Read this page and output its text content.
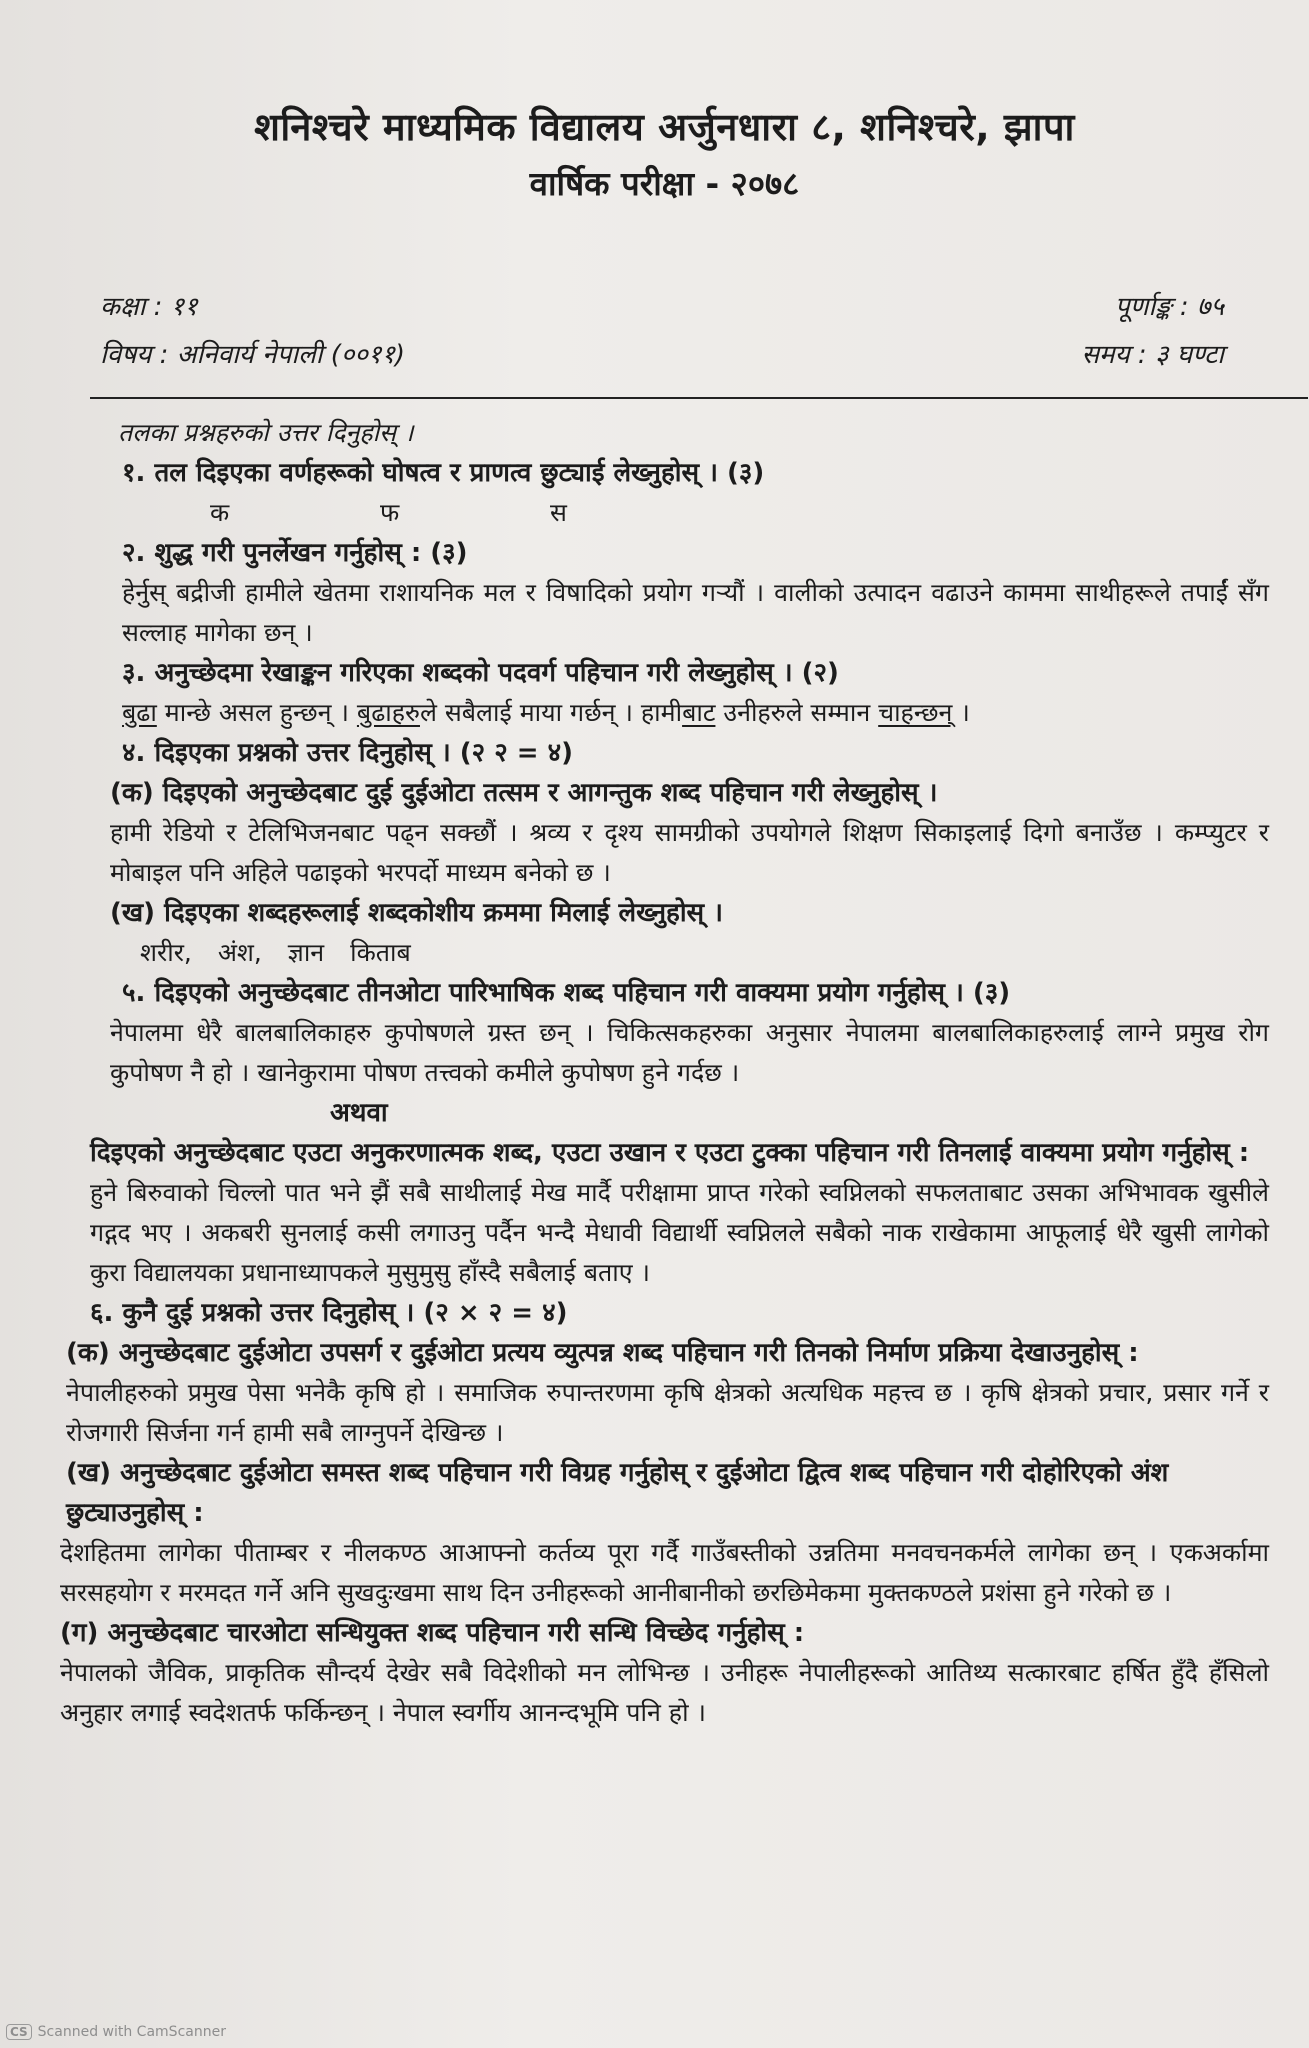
शनिश्चरे माध्यमिक विद्यालय अर्जुनधारा ८, शनिश्चरे, झापा
वार्षिक परीक्षा - २०७८
कक्षा : ११	पूर्णाङ्क : ७५
विषय : अनिवार्य नेपाली (००११)	समय : ३ घण्टा
तलका प्रश्नहरुको उत्तर दिनुहोस् ।
१. तल दिइएका वर्णहरूको घोषत्व र प्राणत्व छुट्याई लेख्नुहोस् । (३)
क	फ	स
२. शुद्ध गरी पुनर्लेखन गर्नुहोस् : (३)
हेर्नुस् बद्रीजी हामीले खेतमा राशायनिक मल र विषादिको प्रयोग गर्‍यौं । वालीको उत्पादन वढाउने काममा साथीहरूले तपाईं सँग सल्लाह मागेका छन् ।
३. अनुच्छेदमा रेखाङ्कन गरिएका शब्दको पदवर्ग पहिचान गरी लेख्नुहोस् । (२)
बुढा मान्छे असल हुन्छन् । बुढाहरुले सबैलाई माया गर्छन् । हामीबाट उनीहरुले सम्मान चाहन्छन् ।
४. दिइएका प्रश्नको उत्तर दिनुहोस् । (२ २ = ४)
(क) दिइएको अनुच्छेदबाट दुई दुईओटा तत्सम र आगन्तुक शब्द पहिचान गरी लेख्नुहोस् ।
हामी रेडियो र टेलिभिजनबाट पढ्न सक्छौं । श्रव्य र दृश्य सामग्रीको उपयोगले शिक्षण सिकाइलाई दिगो बनाउँछ । कम्प्युटर र मोबाइल पनि अहिले पढाइको भरपर्दो माध्यम बनेको छ ।
(ख) दिइएका शब्दहरूलाई शब्दकोशीय क्रममा मिलाई लेख्नुहोस् ।
शरीर, अंश, ज्ञान किताब
५. दिइएको अनुच्छेदबाट तीनओटा पारिभाषिक शब्द पहिचान गरी वाक्यमा प्रयोग गर्नुहोस् । (३)
नेपालमा धेरै बालबालिकाहरु कुपोषणले ग्रस्त छन् । चिकित्सकहरुका अनुसार नेपालमा बालबालिकाहरुलाई लाग्ने प्रमुख रोग कुपोषण नै हो । खानेकुरामा पोषण तत्त्वको कमीले कुपोषण हुने गर्दछ ।
अथवा
दिइएको अनुच्छेदबाट एउटा अनुकरणात्मक शब्द, एउटा उखान र एउटा टुक्का पहिचान गरी तिनलाई वाक्यमा प्रयोग गर्नुहोस् :
हुने बिरुवाको चिल्लो पात भने झैं सबै साथीलाई मेख मार्दै परीक्षामा प्राप्त गरेको स्वप्निलको सफलताबाट उसका अभिभावक खुसीले गद्गद भए । अकबरी सुनलाई कसी लगाउनु पर्दैन भन्दै मेधावी विद्यार्थी स्वप्निलले सबैको नाक राखेकामा आफूलाई धेरै खुसी लागेको कुरा विद्यालयका प्रधानाध्यापकले मुसुमुसु हाँस्दै सबैलाई बताए ।
६. कुनै दुई प्रश्नको उत्तर दिनुहोस् । (२ × २ = ४)
(क) अनुच्छेदबाट दुईओटा उपसर्ग र दुईओटा प्रत्यय व्युत्पन्न शब्द पहिचान गरी तिनको निर्माण प्रक्रिया देखाउनुहोस् :
नेपालीहरुको प्रमुख पेसा भनेकै कृषि हो । समाजिक रुपान्तरणमा कृषि क्षेत्रको अत्यधिक महत्त्व छ । कृषि क्षेत्रको प्रचार, प्रसार गर्ने र रोजगारी सिर्जना गर्न हामी सबै लाग्नुपर्ने देखिन्छ ।
(ख) अनुच्छेदबाट दुईओटा समस्त शब्द पहिचान गरी विग्रह गर्नुहोस् र दुईओटा द्वित्व शब्द पहिचान गरी दोहोरिएको अंश छुट्याउनुहोस् :
देशहितमा लागेका पीताम्बर र नीलकण्ठ आआफ्नो कर्तव्य पूरा गर्दै गाउँबस्तीको उन्नतिमा मनवचनकर्मले लागेका छन् । एकअर्कामा सरसहयोग र मरमदत गर्ने अनि सुखदुःखमा साथ दिन उनीहरूको आनीबानीको छरछिमेकमा मुक्तकण्ठले प्रशंसा हुने गरेको छ ।
(ग) अनुच्छेदबाट चारओटा सन्धियुक्त शब्द पहिचान गरी सन्धि विच्छेद गर्नुहोस् :
नेपालको जैविक, प्राकृतिक सौन्दर्य देखेर सबै विदेशीको मन लोभिन्छ । उनीहरू नेपालीहरूको आतिथ्य सत्कारबाट हर्षित हुँदै हँसिलो अनुहार लगाई स्वदेशतर्फ फर्किन्छन् । नेपाल स्वर्गीय आनन्दभूमि पनि हो ।
CS Scanned with CamScanner
